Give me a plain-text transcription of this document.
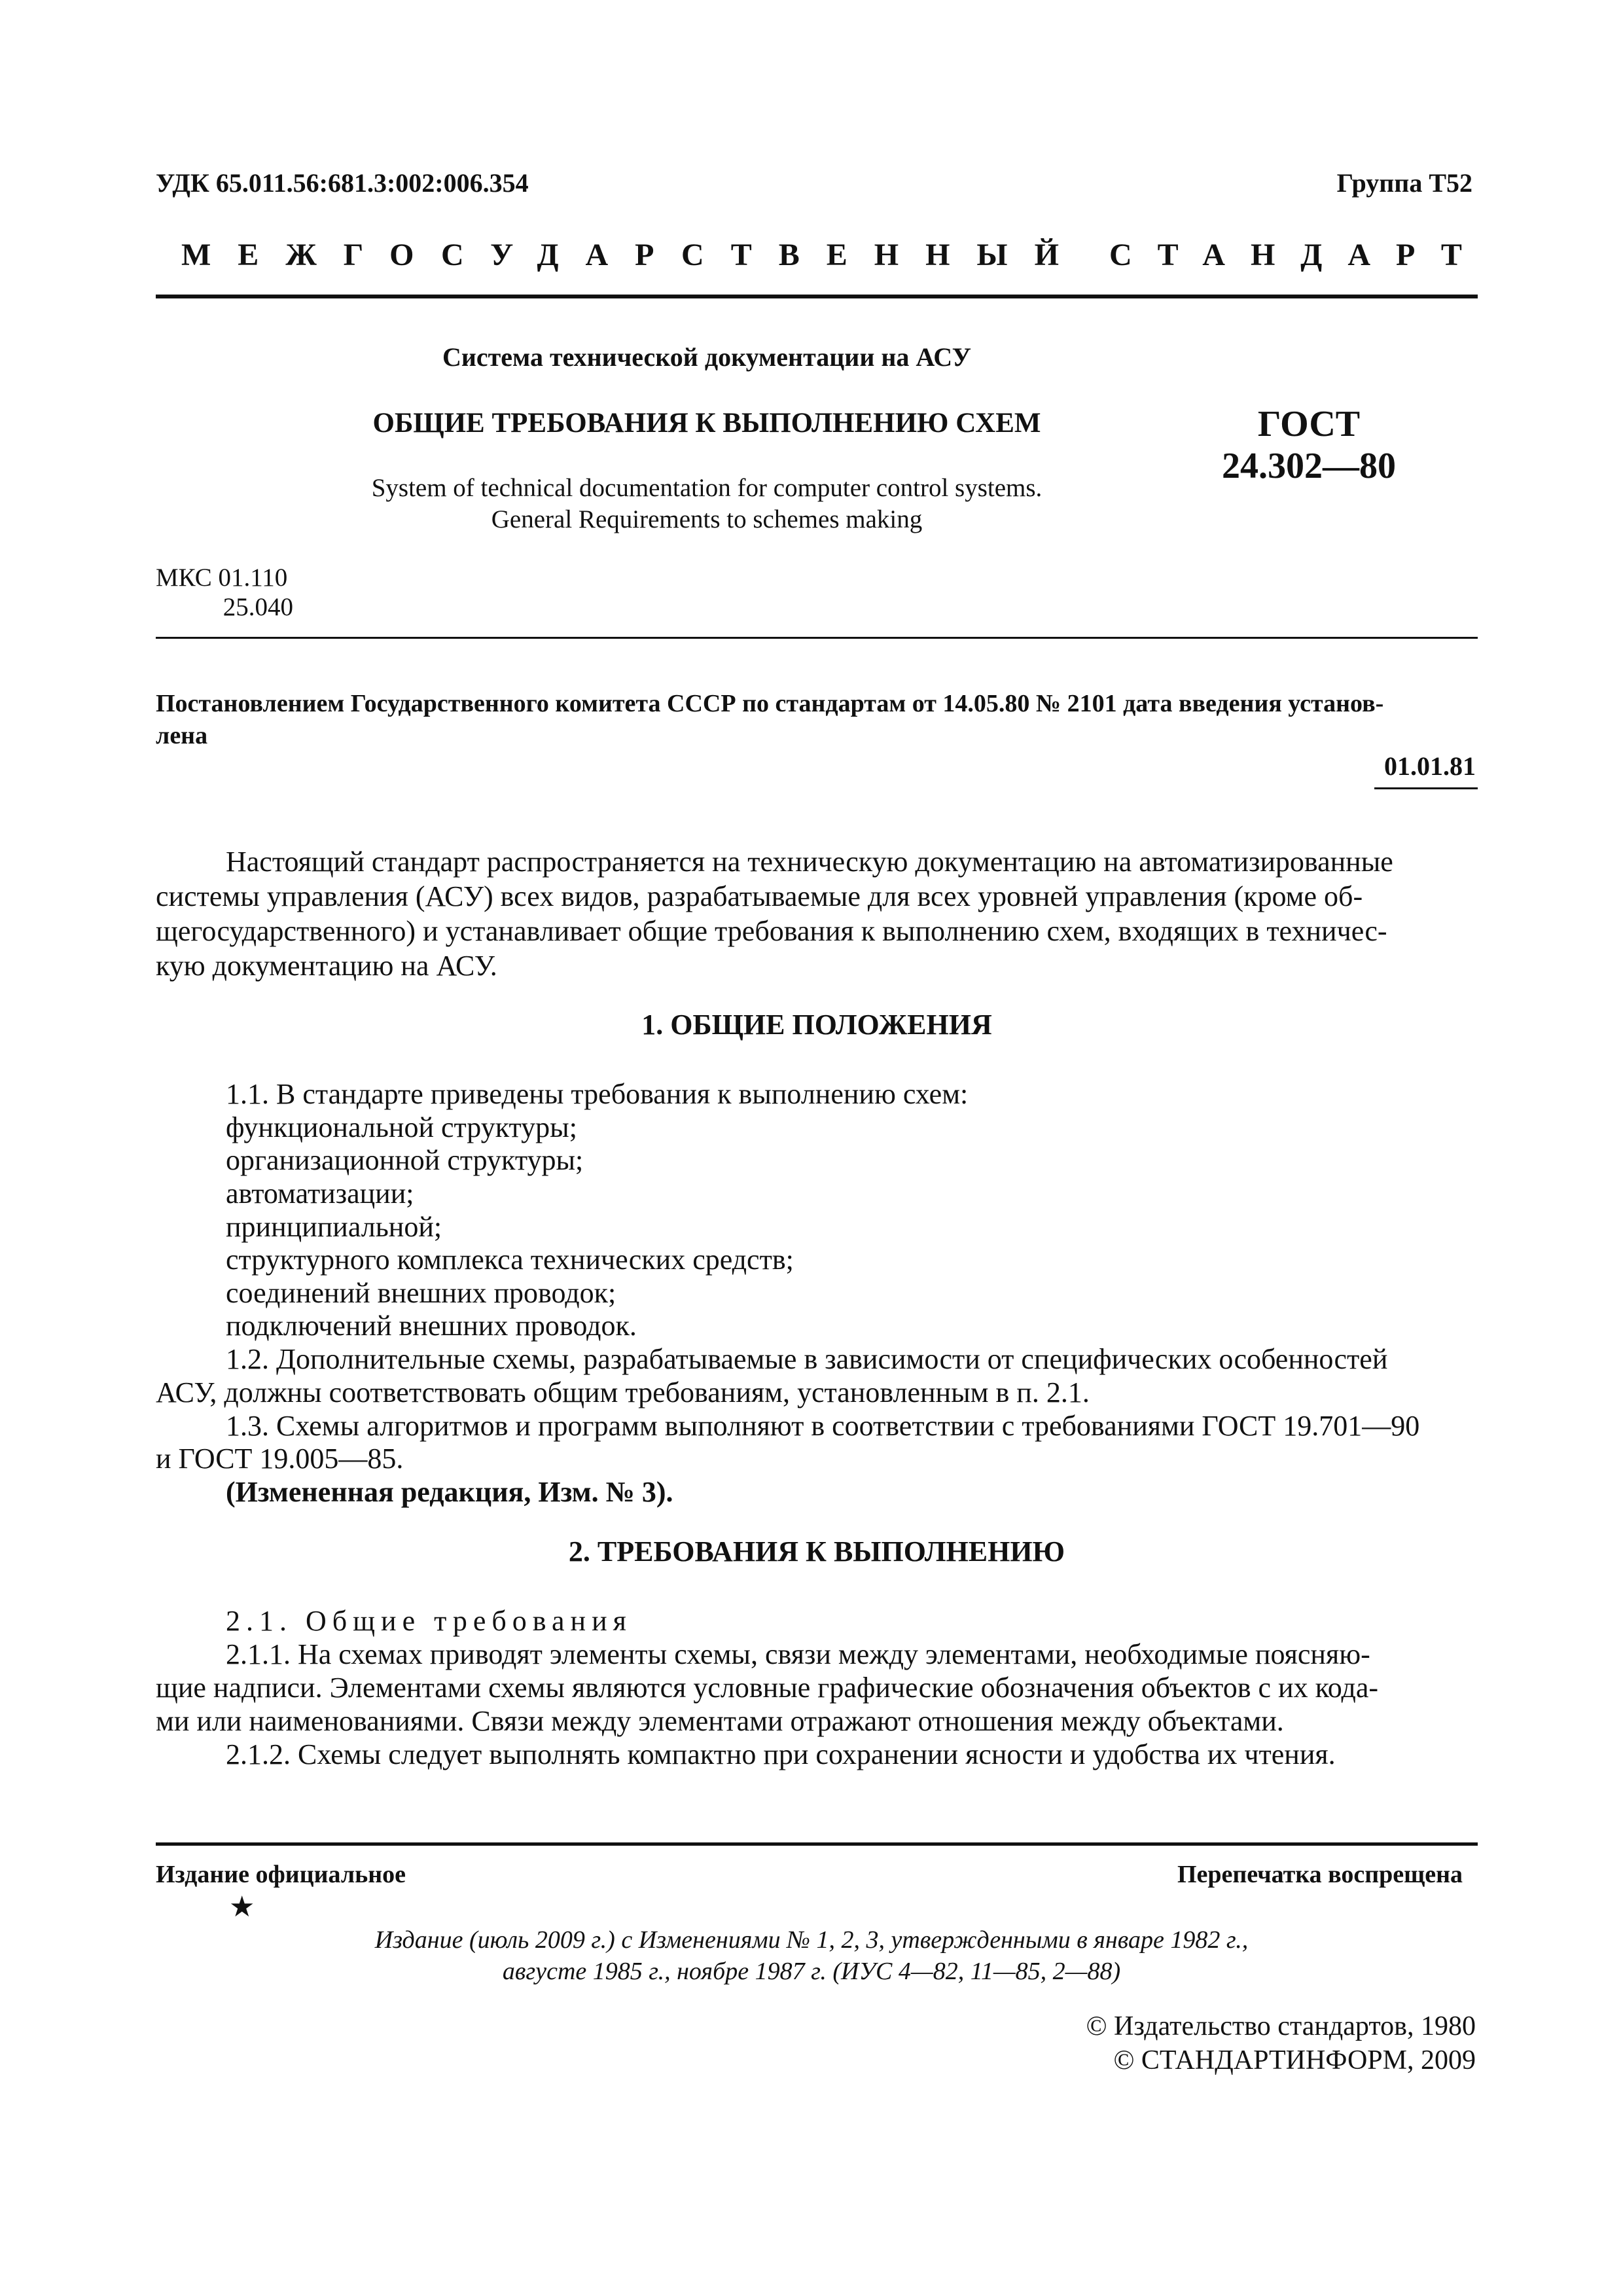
УДК 65.011.56:681.3:002:006.354	Группа Т52
МЕЖГОСУДАРСТВЕННЫЙ СТАНДАРТ
Система технической документации на АСУ
ОБЩИЕ ТРЕБОВАНИЯ К ВЫПОЛНЕНИЮ СХЕМ
System of technical documentation for computer control systems.
General Requirements to schemes making
ГОСТ
24.302—80
МКС 01.110
25.040
Постановлением Государственного комитета СССР по стандартам от 14.05.80 № 2101 дата введения установ-
лена
01.01.81
Настоящий стандарт распространяется на техническую документацию на автоматизированные
системы управления (АСУ) всех видов, разрабатываемые для всех уровней управления (кроме об-
щегосударственного) и устанавливает общие требования к выполнению схем, входящих в техничес-
кую документацию на АСУ.
1. ОБЩИЕ ПОЛОЖЕНИЯ
1.1. В стандарте приведены требования к выполнению схем:
функциональной структуры;
организационной структуры;
автоматизации;
принципиальной;
структурного комплекса технических средств;
соединений внешних проводок;
подключений внешних проводок.
1.2. Дополнительные схемы, разрабатываемые в зависимости от специфических особенностей
АСУ, должны соответствовать общим требованиям, установленным в п. 2.1.
1.3. Схемы алгоритмов и программ выполняют в соответствии с требованиями ГОСТ 19.701—90
и ГОСТ 19.005—85.
(Измененная редакция, Изм. № 3).
2. ТРЕБОВАНИЯ К ВЫПОЛНЕНИЮ
2.1. Общие требования
2.1.1. На схемах приводят элементы схемы, связи между элементами, необходимые поясняю-
щие надписи. Элементами схемы являются условные графические обозначения объектов с их кода-
ми или наименованиями. Связи между элементами отражают отношения между объектами.
2.1.2. Схемы следует выполнять компактно при сохранении ясности и удобства их чтения.
Издание официальное	Перепечатка воспрещена
★
Издание (июль 2009 г.) с Изменениями № 1, 2, 3, утвержденными в январе 1982 г.,
августе 1985 г., ноябре 1987 г. (ИУС 4—82, 11—85, 2—88)
© Издательство стандартов, 1980
© СТАНДАРТИНФОРМ, 2009
